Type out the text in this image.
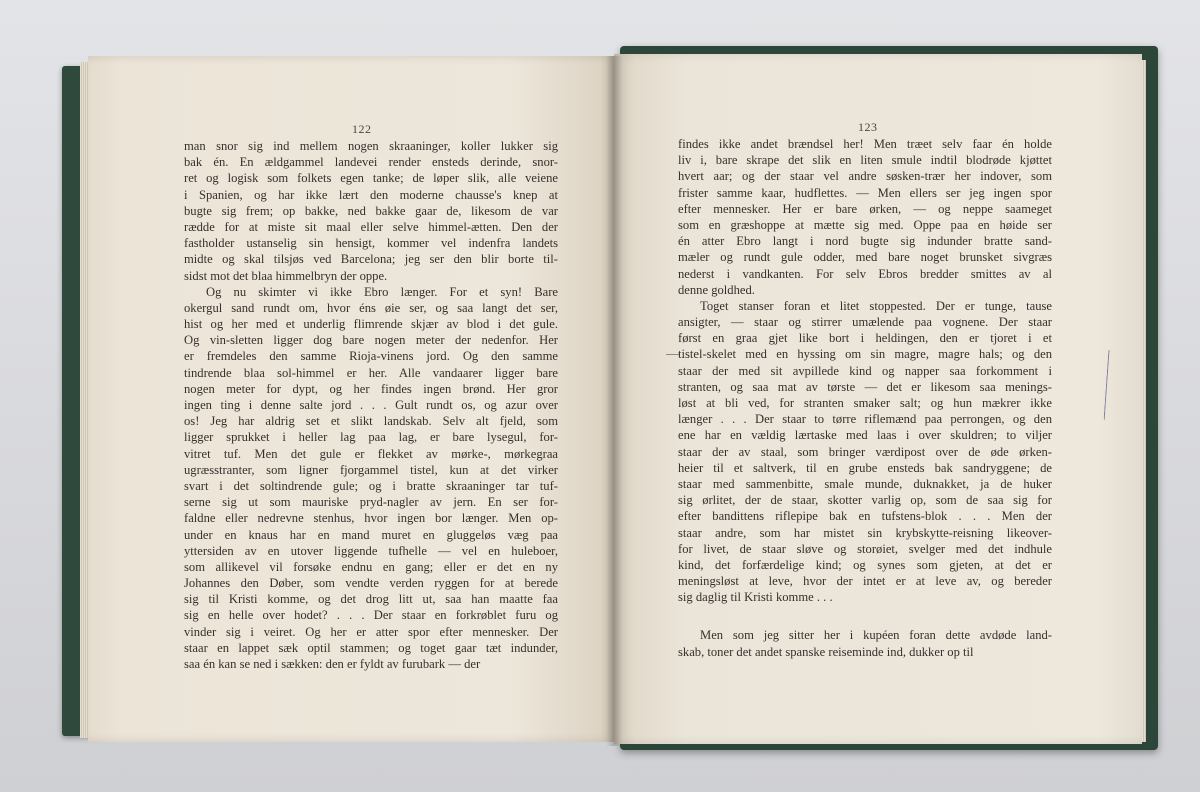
122
man snor sig ind mellem nogen skraaninger, koller lukker sig
bak én. En ældgammel landevei render ensteds derinde, snor-
ret og logisk som folkets egen tanke; de løper slik, alle veiene
i Spanien, og har ikke lært den moderne chausse's knep at
bugte sig frem; op bakke, ned bakke gaar de, likesom de var
rædde for at miste sit maal eller selve himmel-ætten. Den der
fastholder ustanselig sin hensigt, kommer vel indenfra landets
midte og skal tilsjøs ved Barcelona; jeg ser den blir borte til-
sidst mot det blaa himmelbryn der oppe.
Og nu skimter vi ikke Ebro længer. For et syn! Bare
okergul sand rundt om, hvor éns øie ser, og saa langt det ser,
hist og her med et underlig flimrende skjær av blod i det gule.
Og vin-sletten ligger dog bare nogen meter der nedenfor. Her
er fremdeles den samme Rioja-vinens jord. Og den samme
tindrende blaa sol-himmel er her. Alle vandaarer ligger bare
nogen meter for dypt, og her findes ingen brønd. Her gror
ingen ting i denne salte jord . . . Gult rundt os, og azur over
os! Jeg har aldrig set et slikt landskab. Selv alt fjeld, som
ligger sprukket i heller lag paa lag, er bare lysegul, for-
vitret tuf. Men det gule er flekket av mørke-, mørkegraa
ugræsstranter, som ligner fjorgammel tistel, kun at det virker
svart i det soltindrende gule; og i bratte skraaninger tar tuf-
serne sig ut som mauriske pryd-nagler av jern. En ser for-
faldne eller nedrevne stenhus, hvor ingen bor længer. Men op-
under en knaus har en mand muret en gluggeløs væg paa
yttersiden av en utover liggende tufhelle — vel en huleboer,
som allikevel vil forsøke endnu en gang; eller er det en ny
Johannes den Døber, som vendte verden ryggen for at berede
sig til Kristi komme, og det drog litt ut, saa han maatte faa
sig en helle over hodet? . . . Der staar en forkrøblet furu og
vinder sig i veiret. Og her er atter spor efter mennesker. Der
staar en lappet sæk optil stammen; og toget gaar tæt indunder,
saa én kan se ned i sækken: den er fyldt av furubark — der
123
findes ikke andet brændsel her! Men træet selv faar én holde
liv i, bare skrape det slik en liten smule indtil blodrøde kjøttet
hvert aar; og der staar vel andre søsken-trær her indover, som
frister samme kaar, hudflettes. — Men ellers ser jeg ingen spor
efter mennesker. Her er bare ørken, — og neppe saameget
som en græshoppe at mætte sig med. Oppe paa en høide ser
én atter Ebro langt i nord bugte sig indunder bratte sand-
mæler og rundt gule odder, med bare noget brunsket sivgræs
nederst i vandkanten. For selv Ebros bredder smittes av al
denne goldhed.
Toget stanser foran et litet stoppested. Der er tunge, tause
ansigter, — staar og stirrer umælende paa vognene. Der staar
først en graa gjet like bort i heldingen, den er tjoret i et
tistel-skelet med en hyssing om sin magre, magre hals; og den
staar der med sit avpillede kind og napper saa forkomment i
stranten, og saa mat av tørste — det er likesom saa menings-
løst at bli ved, for stranten smaker salt; og hun mækrer ikke
længer . . . Der staar to tørre riflemænd paa perrongen, og den
ene har en vældig lærtaske med laas i over skuldren; to viljer
staar der av staal, som bringer værdipost over de øde ørken-
heier til et saltverk, til en grube ensteds bak sandryggene; de
staar med sammenbitte, smale munde, duknakket, ja de huker
sig ørlitet, der de staar, skotter varlig op, som de saa sig for
efter bandittens riflepipe bak en tufstens-blok . . . Men der
staar andre, som har mistet sin krybskytte-reisning likeover-
for livet, de staar sløve og storøiet, svelger med det indhule
kind, det forfærdelige kind; og synes som gjeten, at det er
meningsløst at leve, hvor der intet er at leve av, og bereder
sig daglig til Kristi komme . . .
Men som jeg sitter her i kupéen foran dette avdøde land-
skab, toner det andet spanske reiseminde ind, dukker op til
